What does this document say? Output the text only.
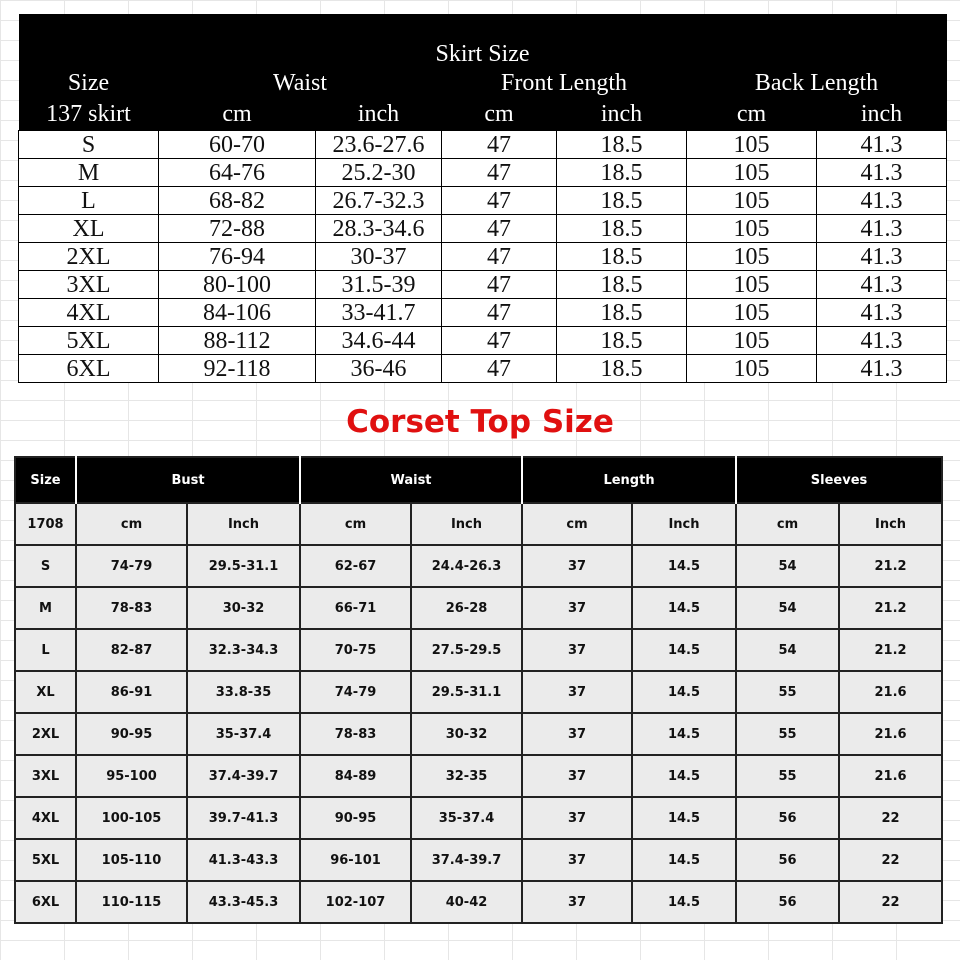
Skirt Size						
Size	Waist		Front Length		Back Length	
137 skirt	cm	inch	cm	inch	cm	inch
S	60-70	23.6-27.6	47	18.5	105	41.3
M	64-76	25.2-30	47	18.5	105	41.3
L	68-82	26.7-32.3	47	18.5	105	41.3
XL	72-88	28.3-34.6	47	18.5	105	41.3
2XL	76-94	30-37	47	18.5	105	41.3
3XL	80-100	31.5-39	47	18.5	105	41.3
4XL	84-106	33-41.7	47	18.5	105	41.3
5XL	88-112	34.6-44	47	18.5	105	41.3
6XL	92-118	36-46	47	18.5	105	41.3
Corset Top Size
Size	Bust		Waist		Length		Sleeves	
1708	cm	Inch	cm	Inch	cm	Inch	cm	Inch
S	74-79	29.5-31.1	62-67	24.4-26.3	37	14.5	54	21.2
M	78-83	30-32	66-71	26-28	37	14.5	54	21.2
L	82-87	32.3-34.3	70-75	27.5-29.5	37	14.5	54	21.2
XL	86-91	33.8-35	74-79	29.5-31.1	37	14.5	55	21.6
2XL	90-95	35-37.4	78-83	30-32	37	14.5	55	21.6
3XL	95-100	37.4-39.7	84-89	32-35	37	14.5	55	21.6
4XL	100-105	39.7-41.3	90-95	35-37.4	37	14.5	56	22
5XL	105-110	41.3-43.3	96-101	37.4-39.7	37	14.5	56	22
6XL	110-115	43.3-45.3	102-107	40-42	37	14.5	56	22
